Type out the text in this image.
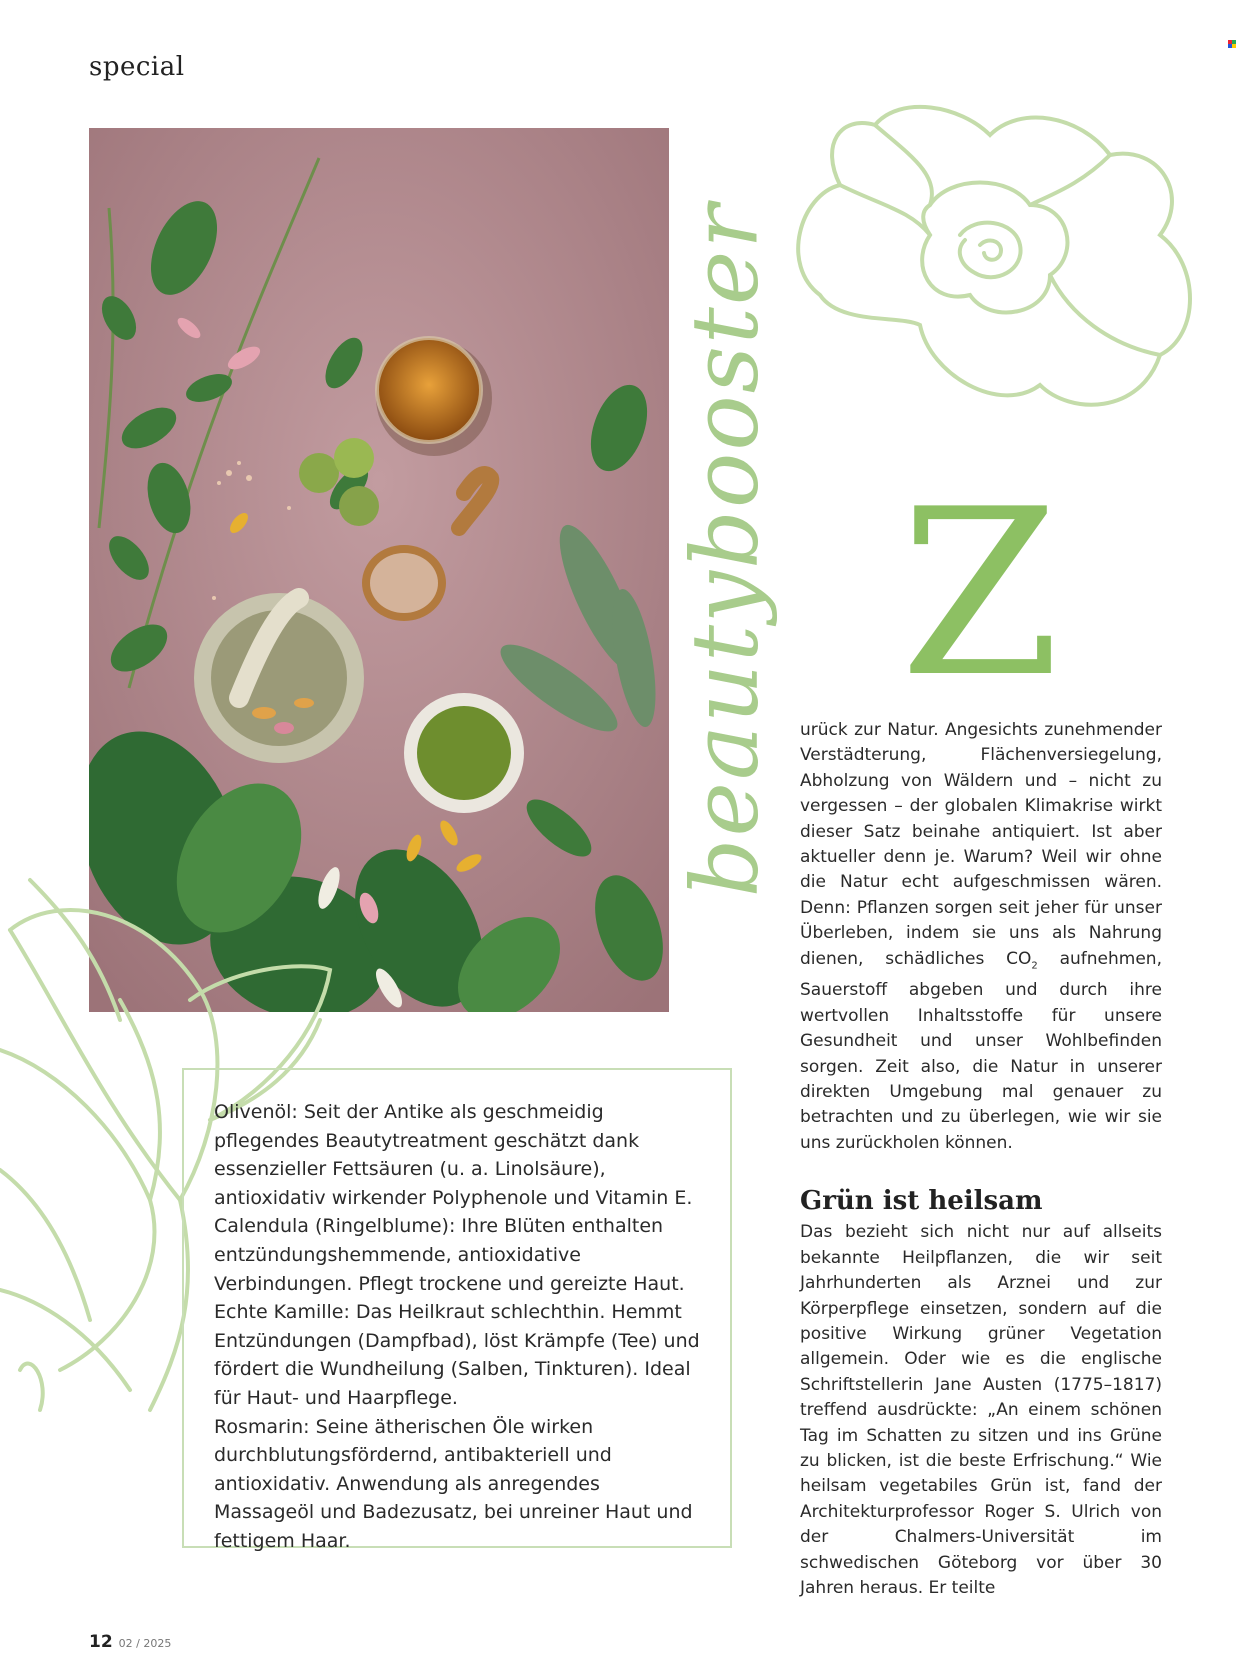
special
beautybooster Z

urück zur Natur. Angesichts zunehmender Verstädterung, Flächenversiegelung, Abholzung von Wäldern und – nicht zu vergessen – der globalen Klimakrise wirkt dieser Satz beinahe antiquiert. Ist aber aktueller denn je. Warum? Weil wir ohne die Natur echt aufgeschmissen wären. Denn: Pflanzen sorgen seit jeher für unser Überleben, indem sie uns als Nahrung dienen, schädliches $CO_2$ aufnehmen, Sauerstoff abgeben und durch ihre wertvollen Inhaltsstoffe für unsere Gesundheit und unser Wohlbefinden sorgen. Zeit also, die Natur in unserer direkten Umgebung mal genauer zu betrachten und zu überlegen, wie wir sie uns zurückholen können.

Grün ist heilsam

Das bezieht sich nicht nur auf allseits bekannte Heilpflanzen, die wir seit Jahrhunderten als Arznei und zur Körperpflege einsetzen, sondern auf die positive Wirkung grüner Vegetation allgemein. Oder wie es die englische Schriftstellerin Jane Austen (1775–1817) treffend ausdrückte: „An einem schönen Tag im Schatten zu sitzen und ins Grüne zu blicken, ist die beste Erfrischung.“ Wie heilsam vegetabiles Grün ist, fand der Architekturprofessor Roger S. Ulrich von der Chalmers-Universität im schwedischen Göteborg vor über 30 Jahren heraus. Er teilte

Olivenöl: Seit der Antike als geschmeidig pflegendes Beautytreatment geschätzt dank essenzieller Fettsäuren (u. a. Linolsäure), antioxidativ wirkender Polyphenole und Vitamin E.

Calendula (Ringelblume): Ihre Blüten enthalten entzündungshemmende, antioxidative Verbindungen. Pflegt trockene und gereizte Haut.

Echte Kamille: Das Heilkraut schlechthin. Hemmt Entzündungen (Dampfbad), löst Krämpfe (Tee) und fördert die Wundheilung (Salben, Tinkturen). Ideal für Haut- und Haarpflege.

Rosmarin: Seine ätherischen Öle wirken durchblutungsfördernd, antibakteriell und antioxidativ. Anwendung als anregendes Massageöl und Badezusatz, bei unreiner Haut und fettigem Haar.

12 02 / 2025
